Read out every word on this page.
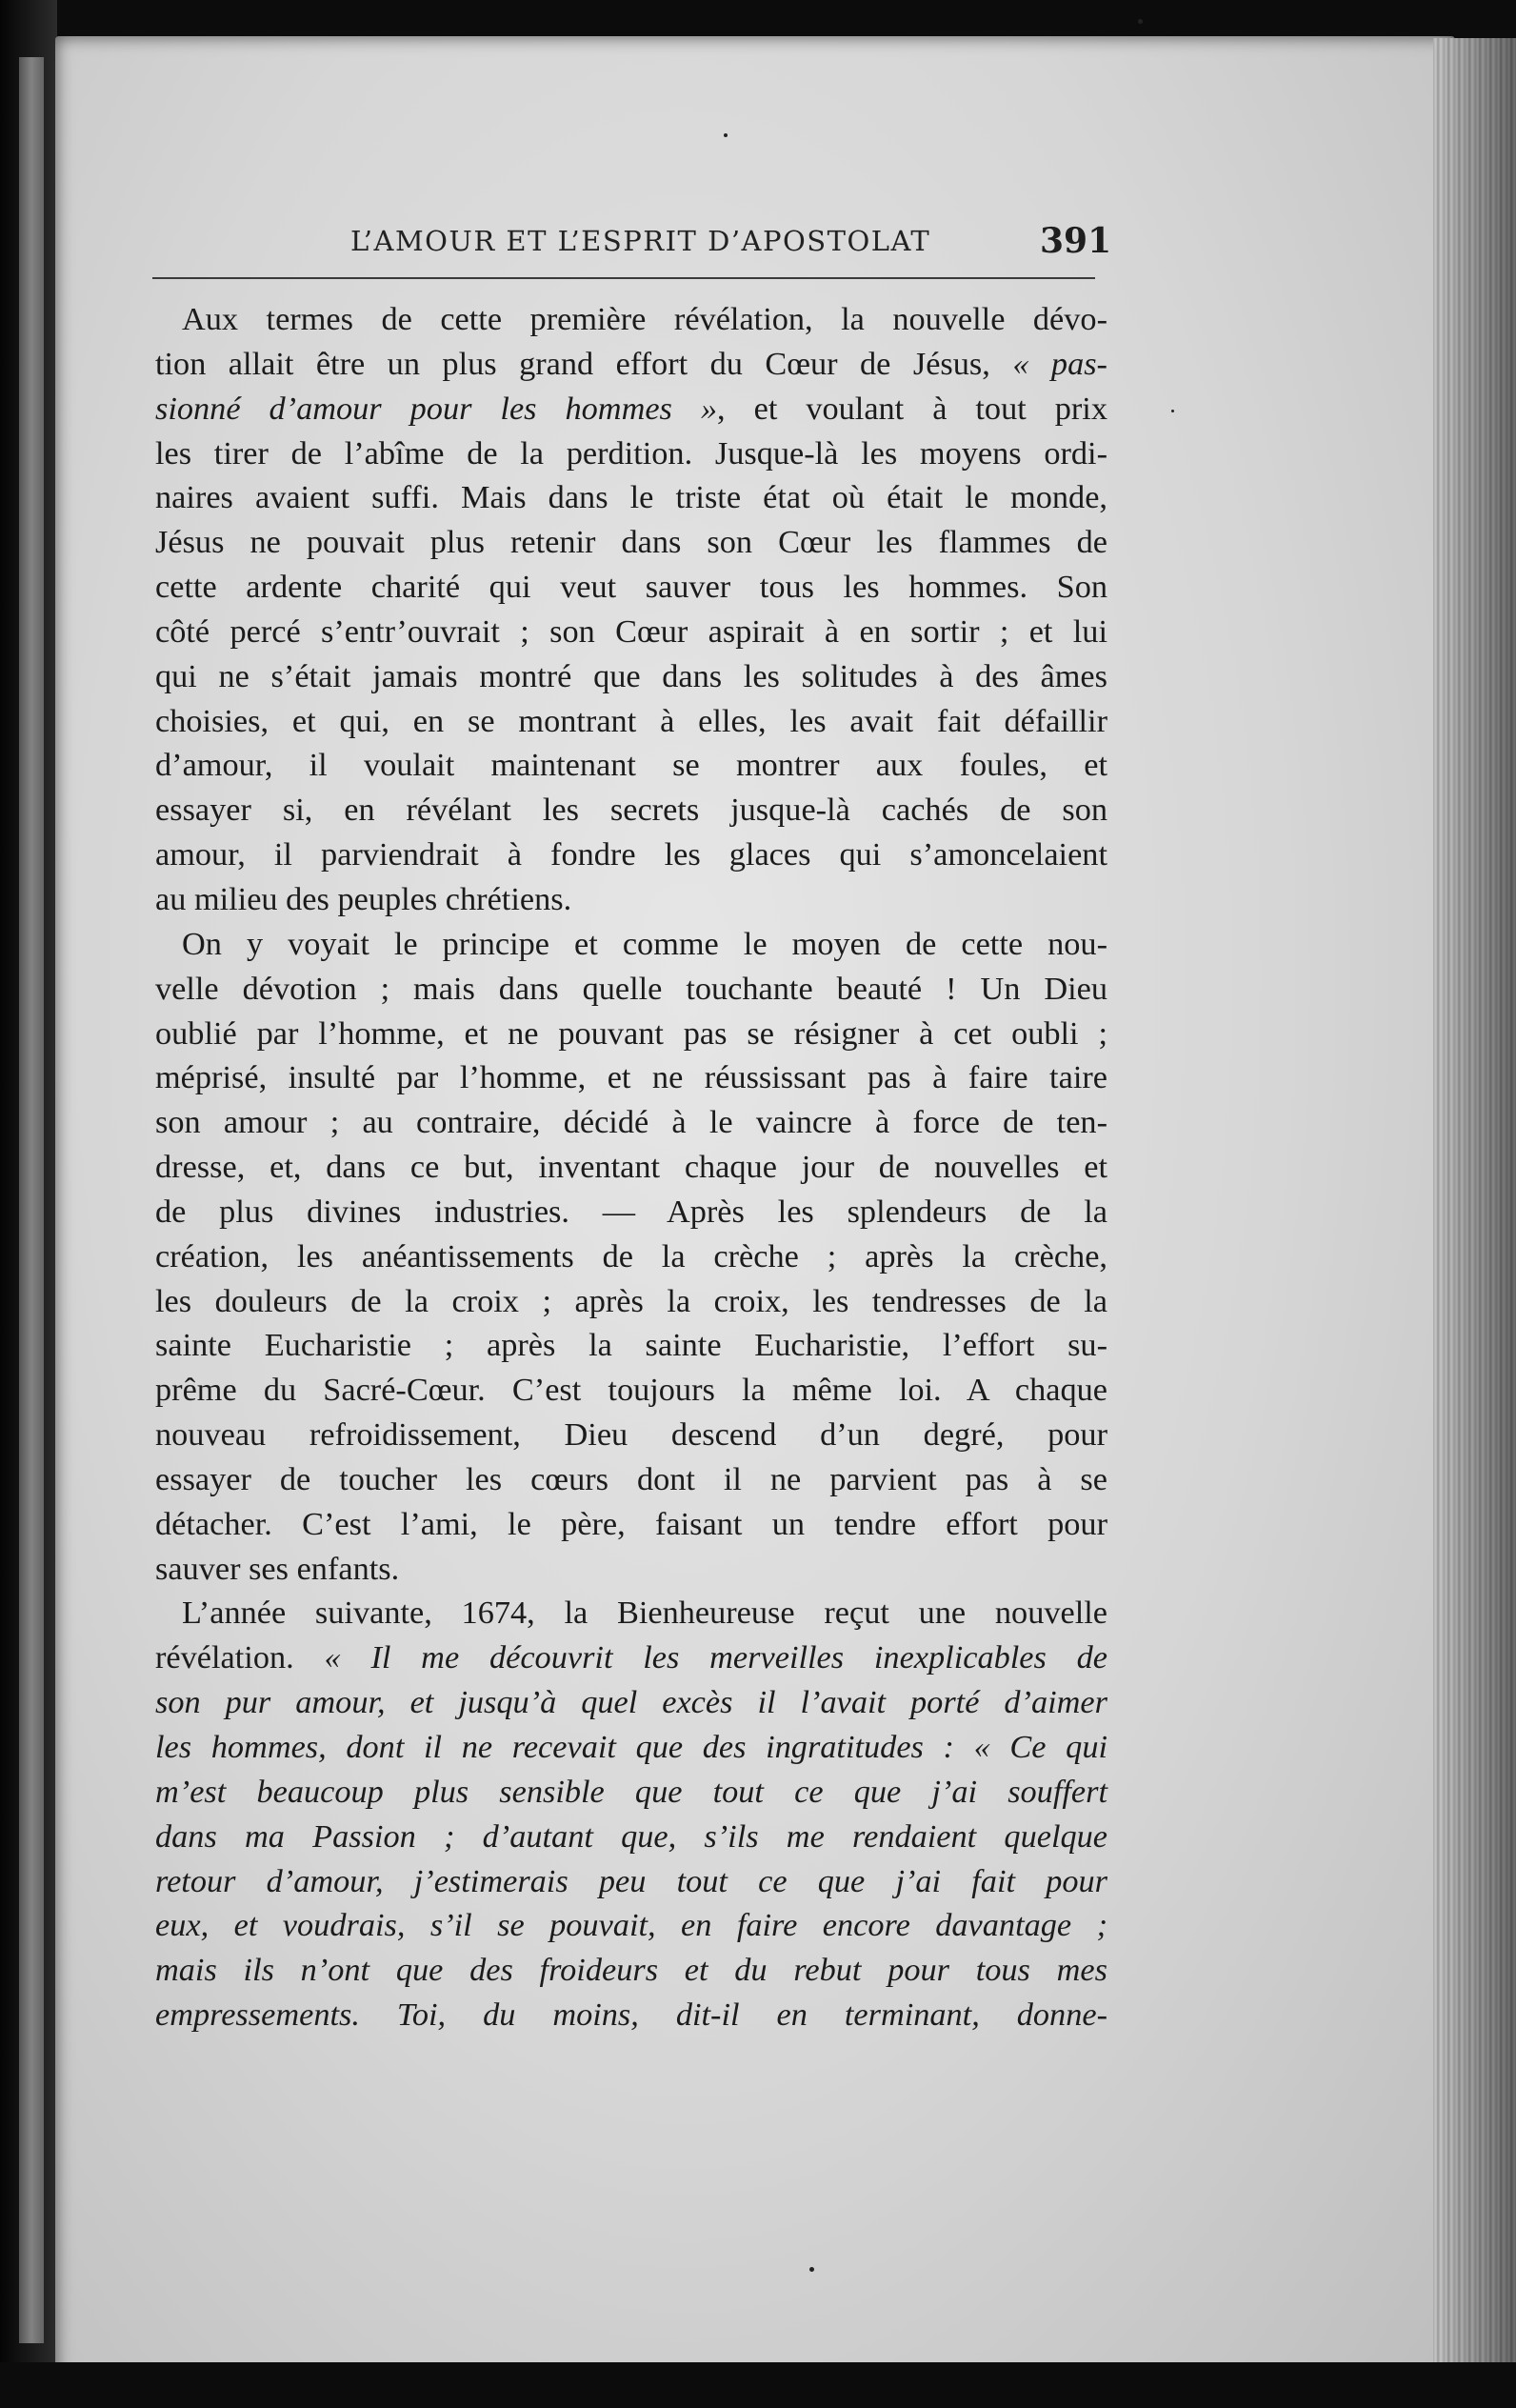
L’AMOUR ET L’ESPRIT D’APOSTOLAT	391
Aux termes de cette première révélation, la nouvelle dévo-
tion allait être un plus grand effort du Cœur de Jésus, « pas-
sionné d’amour pour les hommes », et voulant à tout prix
les tirer de l’abîme de la perdition. Jusque-là les moyens ordi-
naires avaient suffi. Mais dans le triste état où était le monde,
Jésus ne pouvait plus retenir dans son Cœur les flammes de
cette ardente charité qui veut sauver tous les hommes. Son
côté percé s’entr’ouvrait ; son Cœur aspirait à en sortir ; et lui
qui ne s’était jamais montré que dans les solitudes à des âmes
choisies, et qui, en se montrant à elles, les avait fait défaillir
d’amour, il voulait maintenant se montrer aux foules, et
essayer si, en révélant les secrets jusque-là cachés de son
amour, il parviendrait à fondre les glaces qui s’amoncelaient
au milieu des peuples chrétiens.
On y voyait le principe et comme le moyen de cette nou-
velle dévotion ; mais dans quelle touchante beauté ! Un Dieu
oublié par l’homme, et ne pouvant pas se résigner à cet oubli ;
méprisé, insulté par l’homme, et ne réussissant pas à faire taire
son amour ; au contraire, décidé à le vaincre à force de ten-
dresse, et, dans ce but, inventant chaque jour de nouvelles et
de plus divines industries. — Après les splendeurs de la
création, les anéantissements de la crèche ; après la crèche,
les douleurs de la croix ; après la croix, les tendresses de la
sainte Eucharistie ; après la sainte Eucharistie, l’effort su-
prême du Sacré-Cœur. C’est toujours la même loi. A chaque
nouveau refroidissement, Dieu descend d’un degré, pour
essayer de toucher les cœurs dont il ne parvient pas à se
détacher. C’est l’ami, le père, faisant un tendre effort pour
sauver ses enfants.
L’année suivante, 1674, la Bienheureuse reçut une nouvelle
révélation. « Il me découvrit les merveilles inexplicables de
son pur amour, et jusqu’à quel excès il l’avait porté d’aimer
les hommes, dont il ne recevait que des ingratitudes : « Ce qui
m’est beaucoup plus sensible que tout ce que j’ai souffert
dans ma Passion ; d’autant que, s’ils me rendaient quelque
retour d’amour, j’estimerais peu tout ce que j’ai fait pour
eux, et voudrais, s’il se pouvait, en faire encore davantage ;
mais ils n’ont que des froideurs et du rebut pour tous mes
empressements. Toi, du moins, dit-il en terminant, donne-
